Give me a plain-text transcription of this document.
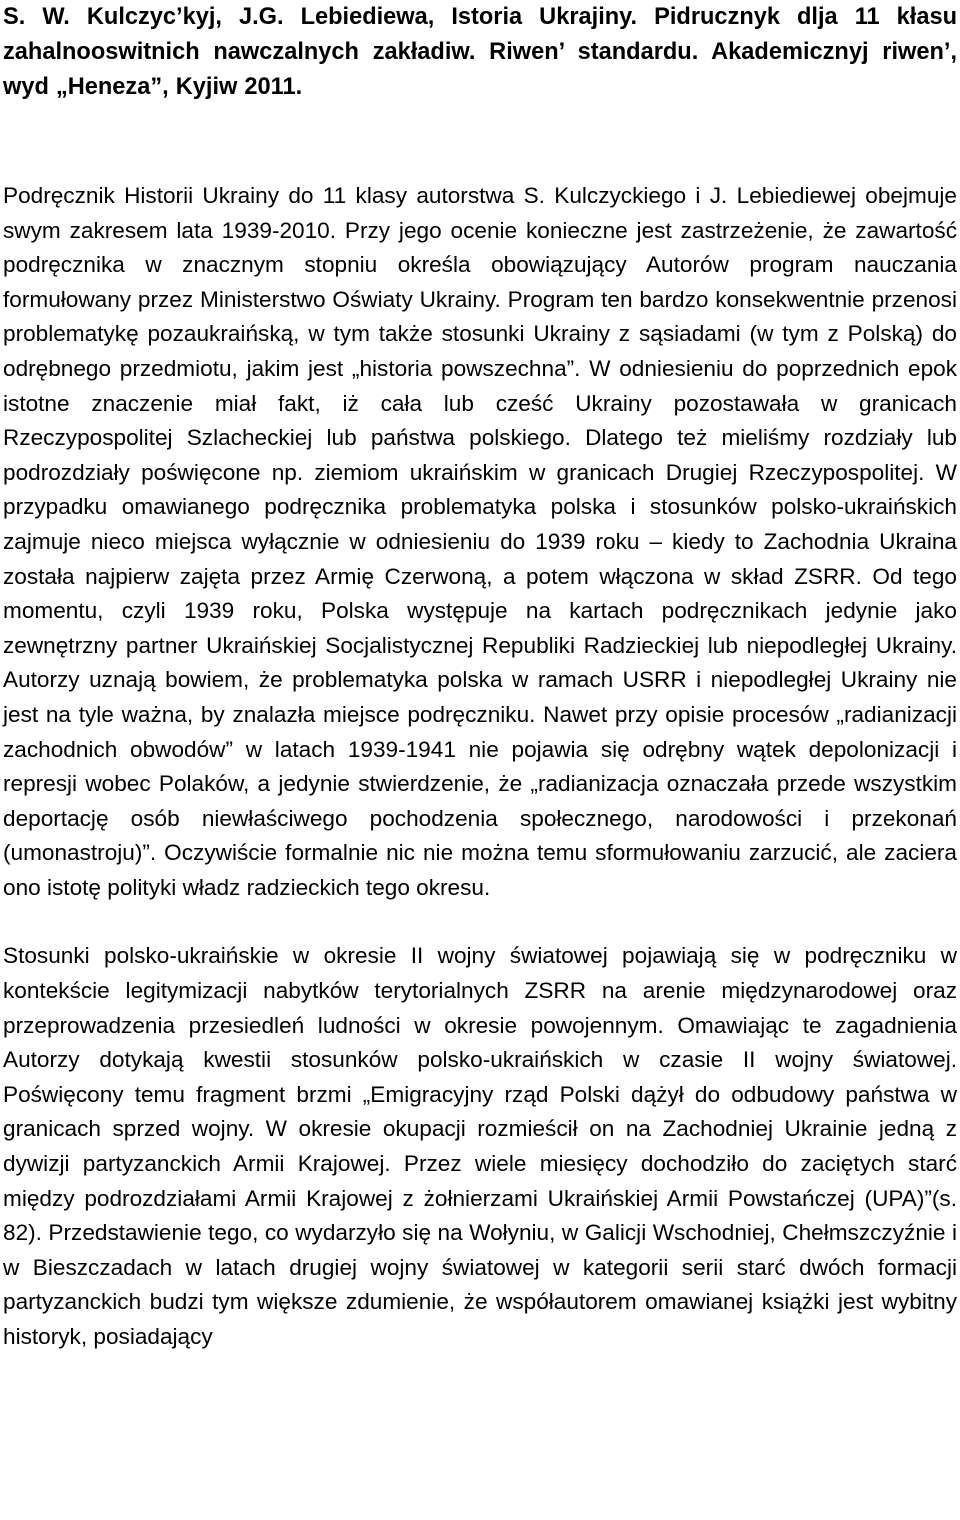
S. W. Kulczyc’kyj, J.G. Lebiediewa, Istoria Ukrajiny. Pidrucznyk dlja 11 kłasu zahalnooswitnich nawczalnych zakładiw. Riwen’ standardu. Akademicznyj riwen’, wyd „Heneza”, Kyjiw 2011.

Podręcznik Historii Ukrainy do 11 klasy autorstwa S. Kulczyckiego i J. Lebiediewej obejmuje swym zakresem lata 1939-2010. Przy jego ocenie konieczne jest zastrzeżenie, że zawartość podręcznika w znacznym stopniu określa obowiązujący Autorów program nauczania formułowany przez Ministerstwo Oświaty Ukrainy. Program ten bardzo konsekwentnie przenosi problematykę pozaukraińską, w tym także stosunki Ukrainy z sąsiadami (w tym z Polską) do odrębnego przedmiotu, jakim jest „historia powszechna”. W odniesieniu do poprzednich epok istotne znaczenie miał fakt, iż cała lub cześć Ukrainy pozostawała w granicach Rzeczypospolitej Szlacheckiej lub państwa polskiego. Dlatego też mieliśmy rozdziały lub podrozdziały poświęcone np. ziemiom ukraińskim w granicach Drugiej Rzeczypospolitej. W przypadku omawianego podręcznika problematyka polska i stosunków polsko-ukraińskich zajmuje nieco miejsca wyłącznie w odniesieniu do 1939 roku – kiedy to Zachodnia Ukraina została najpierw zajęta przez Armię Czerwoną, a potem włączona w skład ZSRR. Od tego momentu, czyli 1939 roku, Polska występuje na kartach podręcznikach jedynie jako zewnętrzny partner Ukraińskiej Socjalistycznej Republiki Radzieckiej lub niepodległej Ukrainy. Autorzy uznają bowiem, że problematyka polska w ramach USRR i niepodległej Ukrainy nie jest na tyle ważna, by znalazła miejsce podręczniku. Nawet przy opisie procesów „radianizacji zachodnich obwodów” w latach 1939-1941 nie pojawia się odrębny wątek depolonizacji i represji wobec Polaków, a jedynie stwierdzenie, że „radianizacja oznaczała przede wszystkim deportację osób niewłaściwego pochodzenia społecznego, narodowości i przekonań (umonastroju)”. Oczywiście formalnie nic nie można temu sformułowaniu zarzucić, ale zaciera ono istotę polityki władz radzieckich tego okresu.

Stosunki polsko-ukraińskie w okresie II wojny światowej pojawiają się w podręczniku w kontekście legitymizacji nabytków terytorialnych ZSRR na arenie międzynarodowej oraz przeprowadzenia przesiedleń ludności w okresie powojennym. Omawiając te zagadnienia Autorzy dotykają kwestii stosunków polsko-ukraińskich w czasie II wojny światowej. Poświęcony temu fragment brzmi „Emigracyjny rząd Polski dążył do odbudowy państwa w granicach sprzed wojny. W okresie okupacji rozmieścił on na Zachodniej Ukrainie jedną z dywizji partyzanckich Armii Krajowej. Przez wiele miesięcy dochodziło do zaciętych starć między podrozdziałami Armii Krajowej z żołnierzami Ukraińskiej Armii Powstańczej (UPA)”(s. 82). Przedstawienie tego, co wydarzyło się na Wołyniu, w Galicji Wschodniej, Chełmszczyźnie i w Bieszczadach w latach drugiej wojny światowej w kategorii serii starć dwóch formacji partyzanckich budzi tym większe zdumienie, że współautorem omawianej książki jest wybitny historyk, posiadający
